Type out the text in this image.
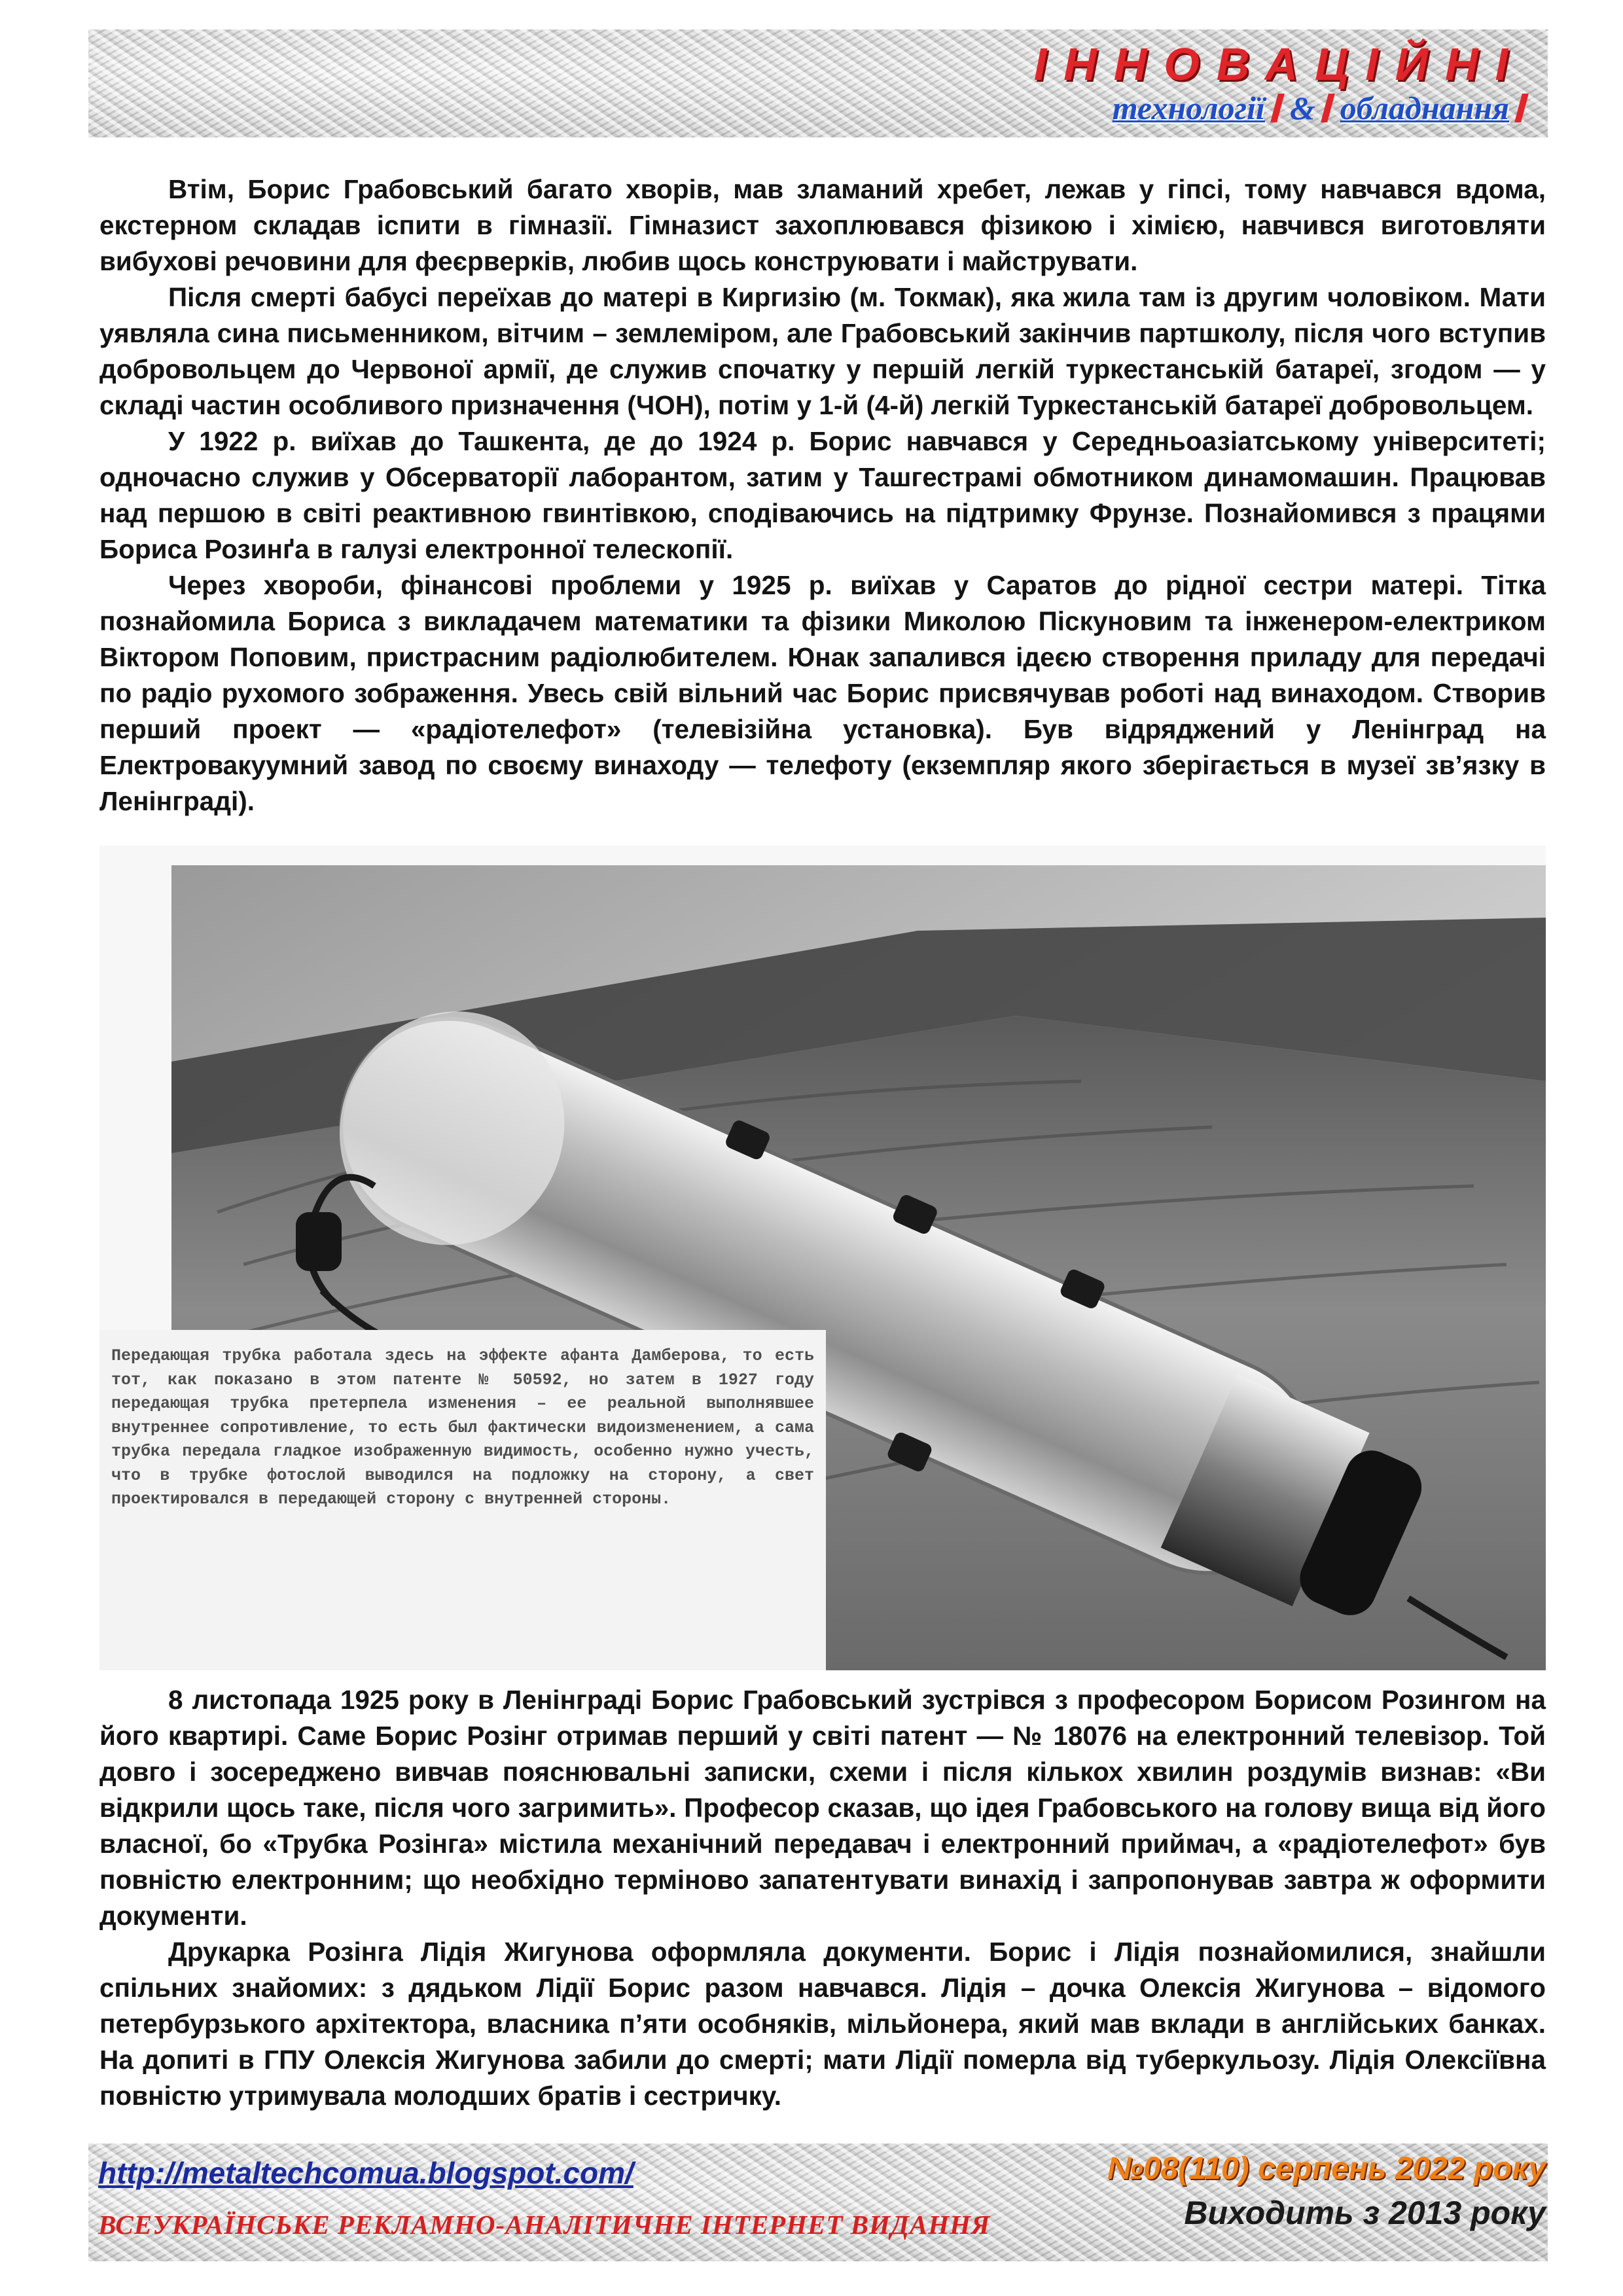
ІННОВАЦІЙНІ
технології & обладнання

Втім, Борис Грабовський багато хворів, мав зламаний хребет, лежав у гіпсі, тому навчався вдома, екстерном складав іспити в гімназії. Гімназист захоплювався фізикою і хімією, навчився виготовляти вибухові речовини для феєрверків, любив щось конструювати і майструвати.

Після смерті бабусі переїхав до матері в Киргизію (м. Токмак), яка жила там із другим чоловіком. Мати уявляла сина письменником, вітчим – землеміром, але Грабовський закінчив партшколу, після чого вступив добровольцем до Червоної армії, де служив спочатку у першій легкій туркестанській батареї, згодом — у складі частин особливого призначення (ЧОН), потім у 1-й (4-й) легкій Туркестанській батареї добровольцем.

У 1922 р. виїхав до Ташкента, де до 1924 р. Борис навчався у Середньоазіатському університеті; одночасно служив у Обсерваторії лаборантом, затим у Ташгестрамі обмотником динамомашин. Працював над першою в світі реактивною гвинтівкою, сподіваючись на підтримку Фрунзе. Познайомився з працями Бориса Розинґа в галузі електронної телескопії.

Через хвороби, фінансові проблеми у 1925 р. виїхав у Саратов до рідної сестри матері. Тітка познайомила Бориса з викладачем математики та фізики Миколою Піскуновим та інженером-електриком Віктором Поповим, пристрасним радіолюбителем. Юнак запалився ідеєю створення приладу для передачі по радіо рухомого зображення. Увесь свій вільний час Борис присвячував роботі над винаходом. Створив перший проект — «радіотелефот» (телевізійна установка). Був відряджений у Ленінград на Електровакуумний завод по своєму винаходу — телефоту (екземпляр якого зберігається в музеї зв’язку в Ленінграді).

Передающая трубка работала здесь на эффекте афанта Дамберова, то есть тот, как показано в этом патенте № 50592, но затем в 1927 году передающая трубка претерпела изменения – ее реальной выполнявшее внутреннее сопротивление, то есть был фактически видоизменением, а сама трубка передала гладкое изображенную видимость, особенно нужно учесть, что в трубке фотослой выводился на подложку на сторону, а свет проектировался в передающей сторону с внутренней стороны.

8 листопада 1925 року в Ленінграді Борис Грабовський зустрівся з професором Борисом Розингом на його квартирі. Саме Борис Розінг отримав перший у світі патент — № 18076 на електронний телевізор. Той довго і зосереджено вивчав пояснювальні записки, схеми і після кількох хвилин роздумів визнав: «Ви відкрили щось таке, після чого загримить». Професор сказав, що ідея Грабовського на голову вища від його власної, бо «Трубка Розінга» містила механічний передавач і електронний приймач, а «радіотелефот» був повністю електронним; що необхідно терміново запатентувати винахід і запропонував завтра ж оформити документи.

Друкарка Розінга Лідія Жигунова оформляла документи. Борис і Лідія познайомилися, знайшли спільних знайомих: з дядьком Лідії Борис разом навчався. Лідія – дочка Олексія Жигунова – відомого петербурзького архітектора, власника п’яти особняків, мільйонера, який мав вклади в англійських банках. На допиті в ГПУ Олексія Жигунова забили до смерті; мати Лідії померла від туберкульозу. Лідія Олексіївна повністю утримувала молодших братів і сестричку.

http://metaltechcomua.blogspot.com/
ВСЕУКРАЇНСЬКЕ РЕКЛАМНО-АНАЛІТИЧНЕ ІНТЕРНЕТ ВИДАННЯ
№08(110) серпень 2022 року
Виходить з 2013 року
